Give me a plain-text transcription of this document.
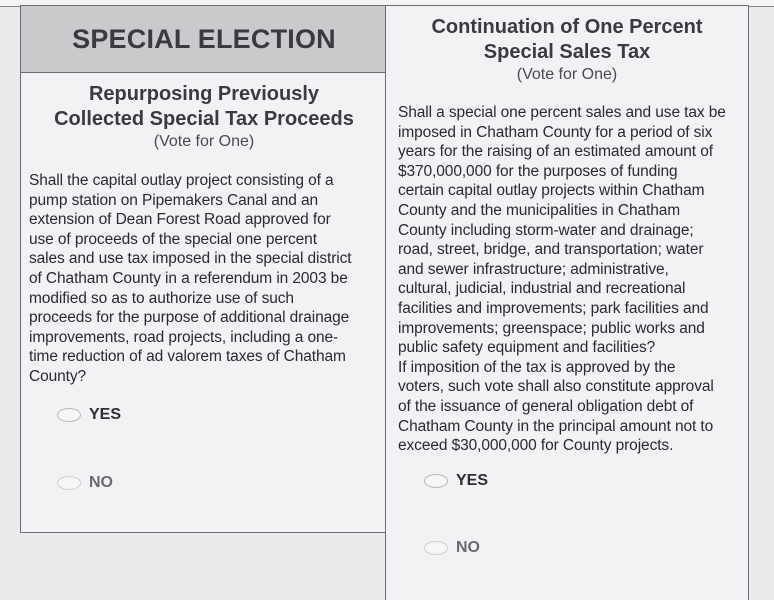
SPECIAL ELECTION
Repurposing Previously
Collected Special Tax Proceeds
(Vote for One)
Shall the capital outlay project consisting of a
pump station on Pipemakers Canal and an
extension of Dean Forest Road approved for
use of proceeds of the special one percent
sales and use tax imposed in the special district
of Chatham County in a referendum in 2003 be
modified so as to authorize use of such
proceeds for the purpose of additional drainage
improvements, road projects, including a one-
time reduction of ad valorem taxes of Chatham
County?
YES
NO
Continuation of One Percent
Special Sales Tax
(Vote for One)
Shall a special one percent sales and use tax be
imposed in Chatham County for a period of six
years for the raising of an estimated amount of
$370,000,000 for the purposes of funding
certain capital outlay projects within Chatham
County and the municipalities in Chatham
County including storm-water and drainage;
road, street, bridge, and transportation; water
and sewer infrastructure; administrative,
cultural, judicial, industrial and recreational
facilities and improvements; park facilities and
improvements; greenspace; public works and
public safety equipment and facilities?
If imposition of the tax is approved by the
voters, such vote shall also constitute approval
of the issuance of general obligation debt of
Chatham County in the principal amount not to
exceed $30,000,000 for County projects.
YES
NO
